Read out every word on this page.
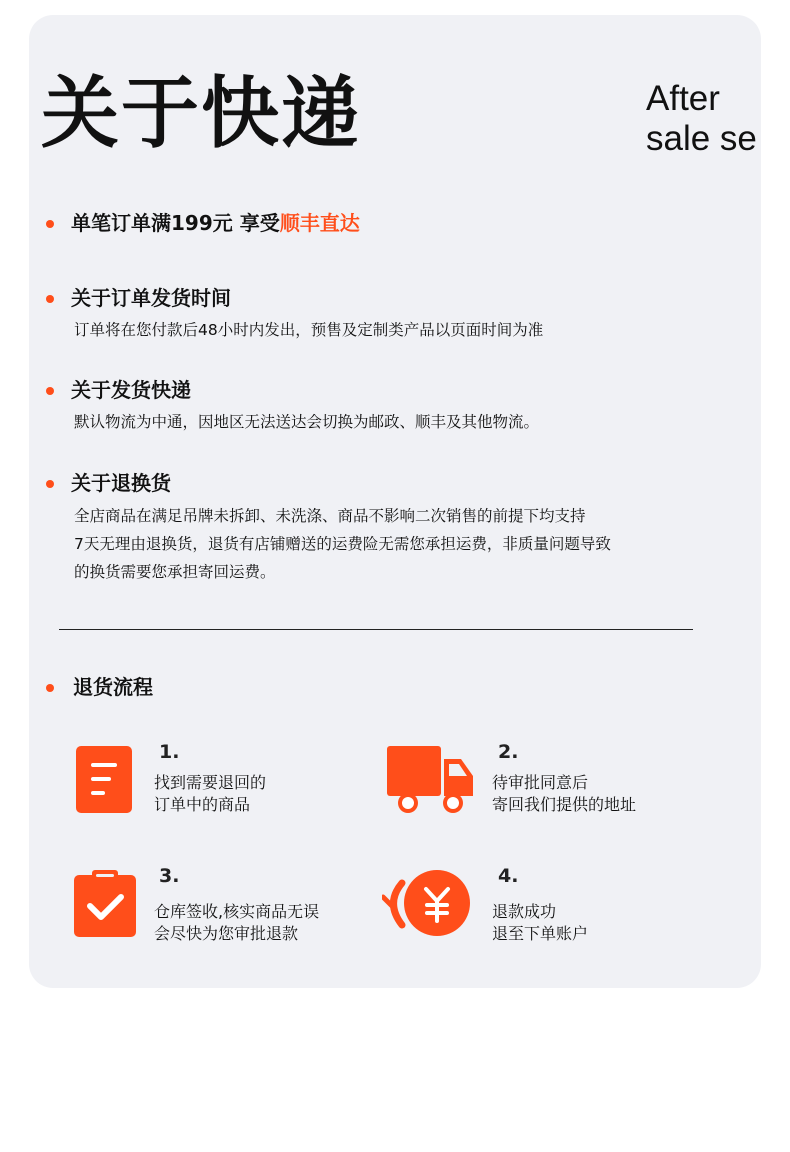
关于快递	After
sale se
单笔订单满199元 享受顺丰直达
关于订单发货时间
订单将在您付款后48小时内发出，预售及定制类产品以页面时间为准
关于发货快递
默认物流为中通，因地区无法送达会切换为邮政、顺丰及其他物流。
关于退换货
全店商品在满足吊牌未拆卸、未洗涤、商品不影响二次销售的前提下均支持
7天无理由退换货，退货有店铺赠送的运费险无需您承担运费，非质量问题导致
的换货需要您承担寄回运费。
退货流程
1.
找到需要退回的
订单中的商品
2.
待审批同意后
寄回我们提供的地址
3.
仓库签收,核实商品无误
会尽快为您审批退款
4.
退款成功
退至下单账户
